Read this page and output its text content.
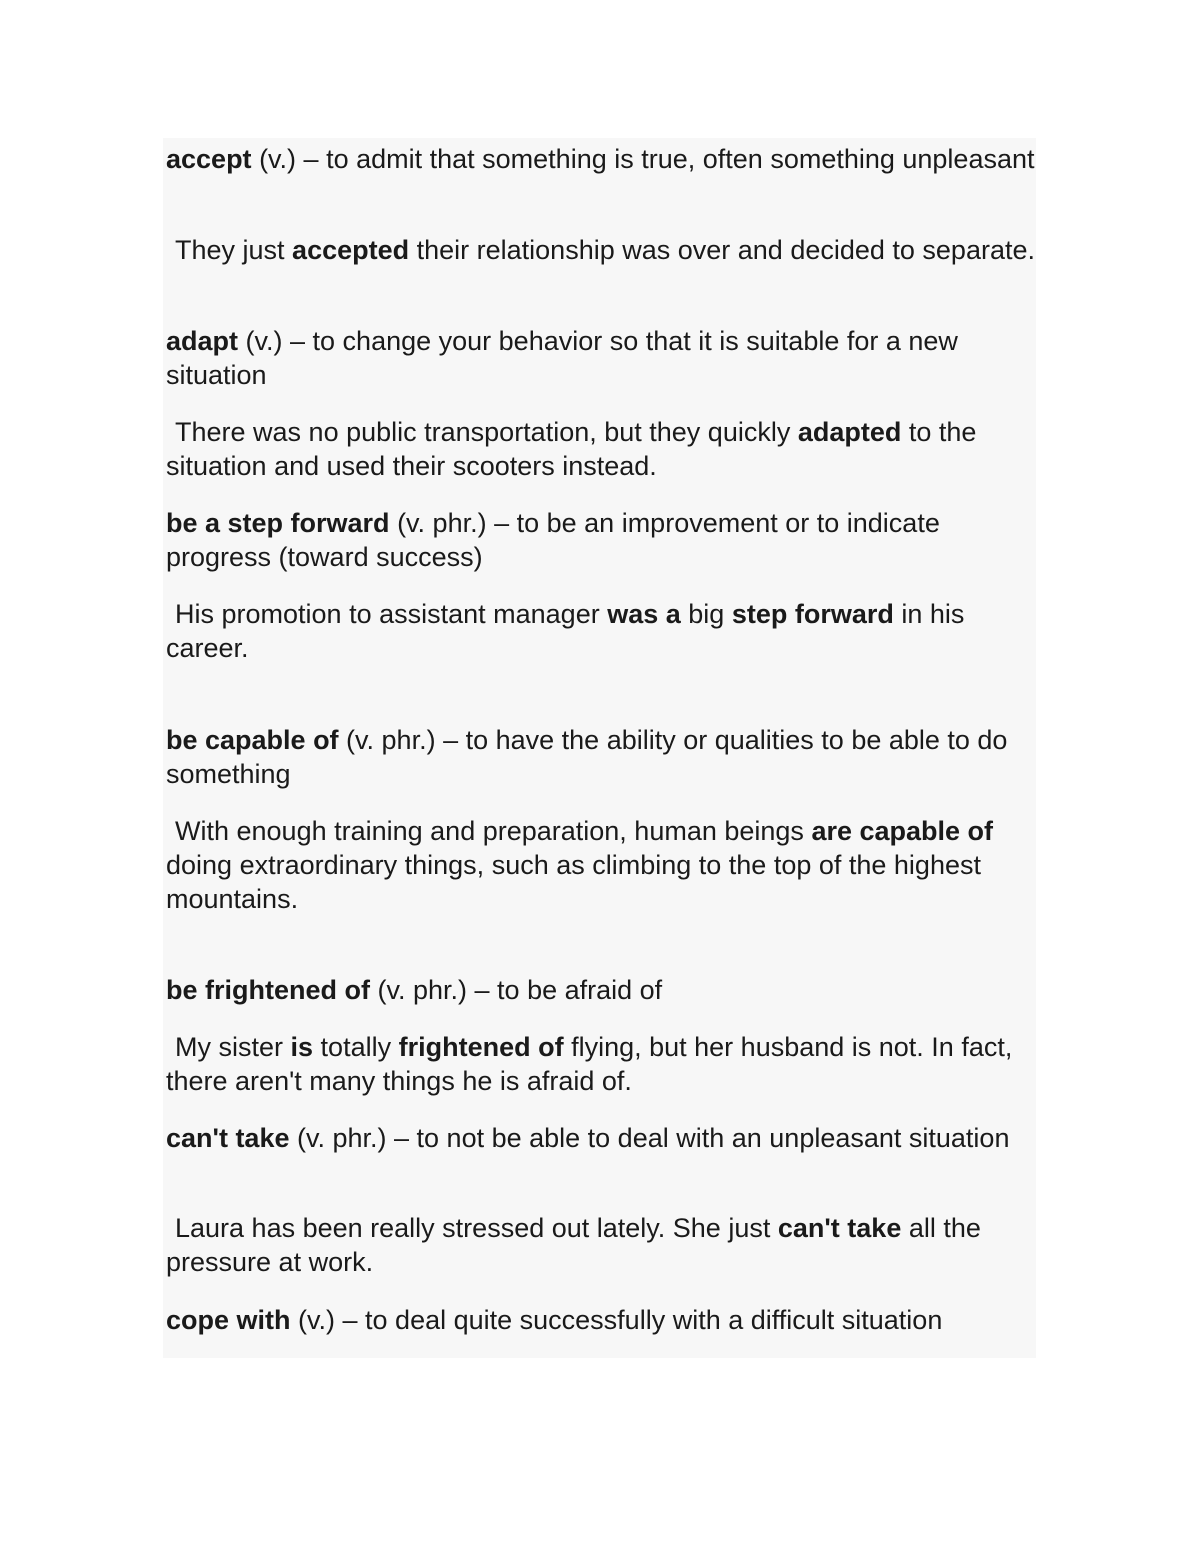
accept (v.) – to admit that something is true, often something unpleasant

They just accepted their relationship was over and decided to separate.

adapt (v.) – to change your behavior so that it is suitable for a new situation

There was no public transportation, but they quickly adapted to the situation and used their scooters instead.

be a step forward (v. phr.) – to be an improvement or to indicate progress (toward success)

His promotion to assistant manager was a big step forward in his career.

be capable of (v. phr.) – to have the ability or qualities to be able to do something

With enough training and preparation, human beings are capable of doing extraordinary things, such as climbing to the top of the highest mountains.

be frightened of (v. phr.) – to be afraid of

My sister is totally frightened of flying, but her husband is not. In fact, there aren't many things he is afraid of.

can't take (v. phr.) – to not be able to deal with an unpleasant situation

Laura has been really stressed out lately. She just can't take all the pressure at work.

cope with (v.) – to deal quite successfully with a difficult situation
